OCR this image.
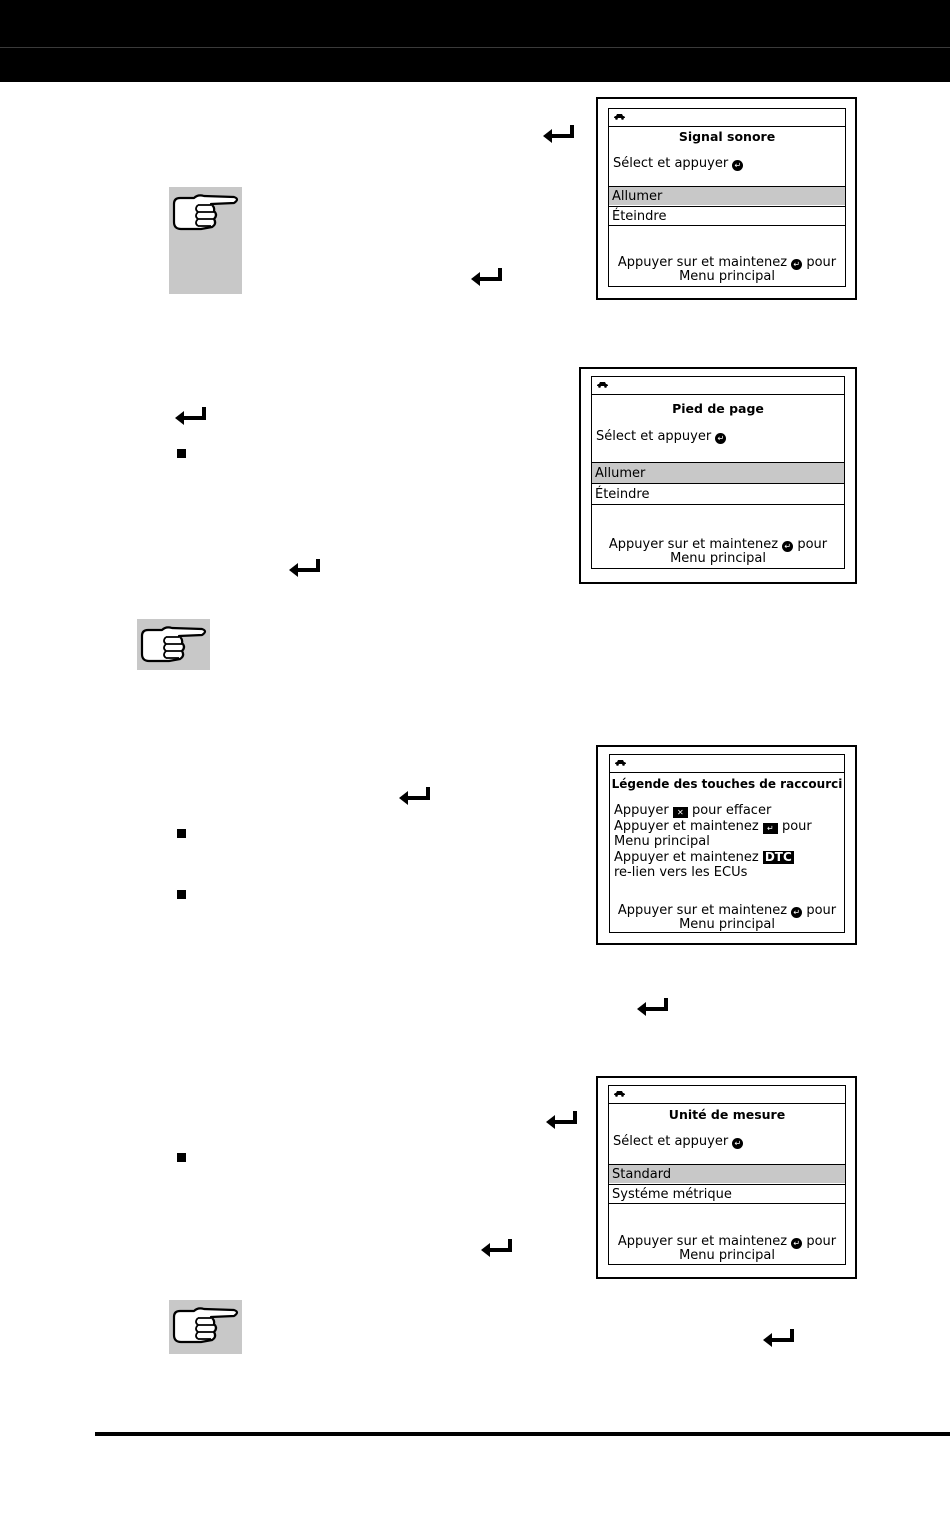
Signal sonore
Sélect et appuyer ↵
Allumer
Éteindre
Appuyer sur et maintenez ↵ pour
Menu principal
Pied de page
Sélect et appuyer ↵
Allumer
Éteindre
Appuyer sur et maintenez ↵ pour
Menu principal
Légende des touches de raccourci
Appuyer ✕ pour effacer
Appuyer et maintenez ↵ pour
Menu principal
Appuyer et maintenez DTC
re-lien vers les ECUs
Appuyer sur et maintenez ↵ pour
Menu principal
Unité de mesure
Sélect et appuyer ↵
Standard
Systéme métrique
Appuyer sur et maintenez ↵ pour
Menu principal
